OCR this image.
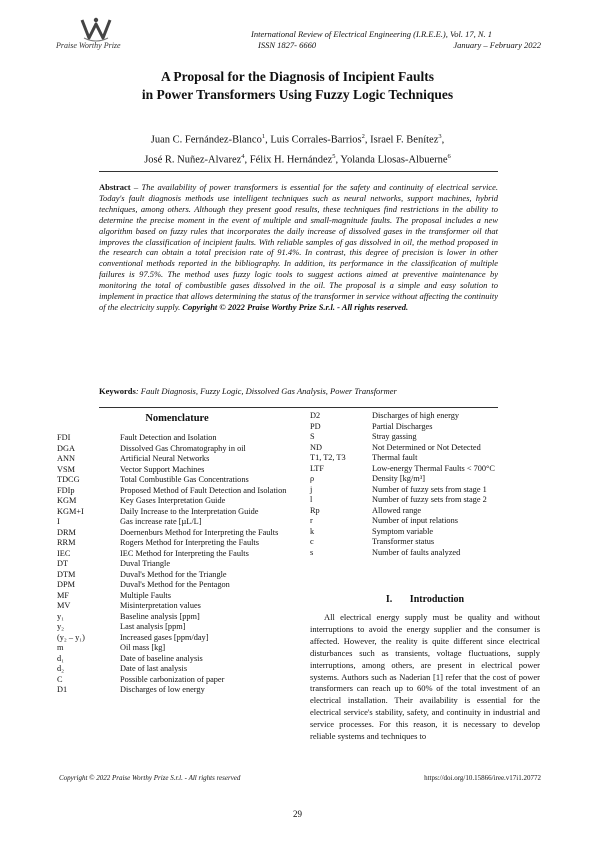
Praise Worthy Prize
International Review of Electrical Engineering (I.R.E.E.), Vol. 17, N. 1
ISSN 1827- 6660	January – February 2022
A Proposal for the Diagnosis of Incipient Faults
in Power Transformers Using Fuzzy Logic Techniques
Juan C. Fernández-Blanco$^1$, Luis Corrales-Barrios$^2$, Israel F. Benítez$^3$,
José R. Nuñez-Alvarez$^4$, Félix H. Hernández$^5$, Yolanda Llosas-Albuerne$^6$
Abstract – The availability of power transformers is essential for the safety and continuity of electrical service. Today's fault diagnosis methods use intelligent techniques such as neural networks, support machines, hybrid techniques, among others. Although they present good results, these techniques find restrictions in the ability to determine the precise moment in the event of multiple and small-magnitude faults. The proposal includes a new algorithm based on fuzzy rules that incorporates the daily increase of dissolved gases in the transformer oil that improves the classification of incipient faults. With reliable samples of gas dissolved in oil, the method proposed in the research can obtain a total precision rate of 91.4%. In contrast, this degree of precision is lower in other conventional methods reported in the bibliography. In addition, its performance in the classification of multiple failures is 97.5%. The method uses fuzzy logic tools to suggest actions aimed at preventive maintenance by monitoring the total of combustible gases dissolved in the oil. The proposal is a simple and easy solution to implement in practice that allows determining the status of the transformer in service without affecting the continuity of the electricity supply. Copyright © 2022 Praise Worthy Prize S.r.l. - All rights reserved.
Keywords: Fault Diagnosis, Fuzzy Logic, Dissolved Gas Analysis, Power Transformer
Nomenclature
FDI	Fault Detection and Isolation
DGA	Dissolved Gas Chromatography in oil
ANN	Artificial Neural Networks
VSM	Vector Support Machines
TDCG	Total Combustible Gas Concentrations
FDIp	Proposed Method of Fault Detection and Isolation
KGM	Key Gases Interpretation Guide
KGM+I	Daily Increase to the Interpretation Guide
I	Gas increase rate [µL/L]
DRM	Doernenburs Method for Interpreting the Faults
RRM	Rogers Method for Interpreting the Faults
IEC	IEC Method for Interpreting the Faults
DT	Duval Triangle
DTM	Duval's Method for the Triangle
DPM	Duval's Method for the Pentagon
MF	Multiple Faults
MV	Misinterpretation values
y₁	Baseline analysis [ppm]
y₂	Last analysis [ppm]
(y₂ – y₁)	Increased gases [ppm/day]
m	Oil mass [kg]
d₁	Date of baseline analysis
d₂	Date of last analysis
C	Possible carbonization of paper
D1	Discharges of low energy
D2	Discharges of high energy
PD	Partial Discharges
S	Stray gassing
ND	Not Determined or Not Detected
T1, T2, T3	Thermal fault
LTF	Low-energy Thermal Faults < 700°C
ρ	Density [kg/m³]
j	Number of fuzzy sets from stage 1
l	Number of fuzzy sets from stage 2
Rp	Allowed range
r	Number of input relations
k	Symptom variable
c	Transformer status
s	Number of faults analyzed
I.       Introduction
All electrical energy supply must be quality and without interruptions to avoid the energy supplier and the consumer is affected. However, the reality is quite different since electrical disturbances such as transients, voltage fluctuations, supply interruptions, among others, are present in electrical power systems. Authors such as Naderian [1] refer that the cost of power transformers can reach up to 60% of the total investment of an electrical installation. Their availability is essential for the electrical service's stability, safety, and continuity in industrial and service processes. For this reason, it is necessary to develop reliable systems and techniques to
Copyright © 2022 Praise Worthy Prize S.r.l. - All rights reserved	https://doi.org/10.15866/iree.v17i1.20772
29
